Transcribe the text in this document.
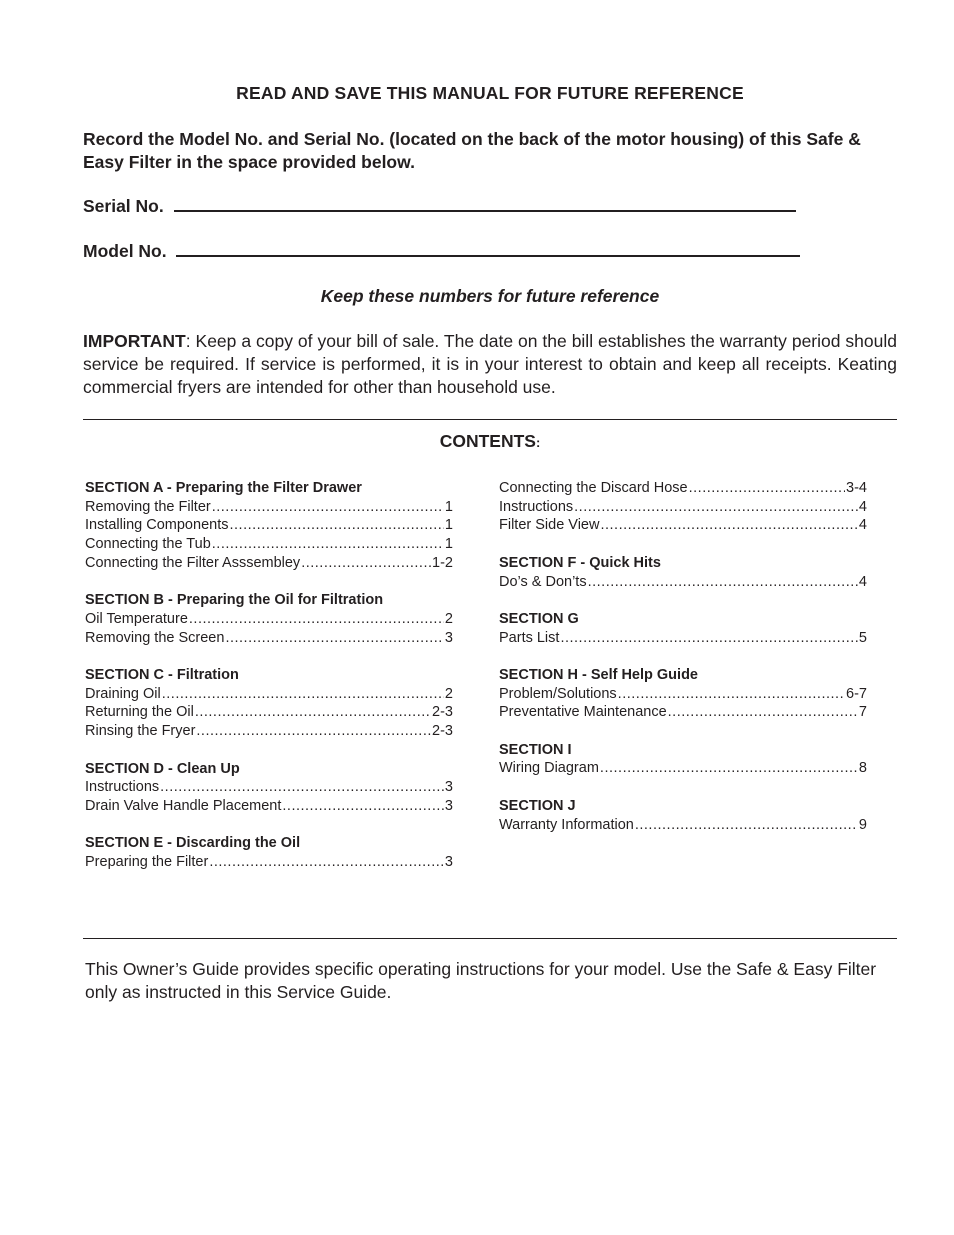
READ AND SAVE THIS MANUAL FOR FUTURE REFERENCE
Record the Model No. and Serial No. (located on the back of the motor housing) of this Safe & Easy Filter in the space provided below.
Serial No.
Model No.
Keep these numbers for future reference
IMPORTANT: Keep a copy of your bill of sale. The date on the bill establishes the warranty period should service be required. If service is performed, it is in your interest to obtain and keep all receipts. Keating commercial fryers are intended for other than household use.
CONTENTS:
SECTION A - Preparing the Filter Drawer
Removing the Filter .....	1
Installing Components .....	1
Connecting the Tub .....	1
Connecting the Filter Asssembley .....	1-2
SECTION B - Preparing the Oil for Filtration
Oil Temperature .....	2
Removing the Screen .....	3
SECTION C - Filtration
Draining Oil .....	2
Returning the Oil .....	2-3
Rinsing the Fryer .....	2-3
SECTION D - Clean Up
Instructions .....	3
Drain Valve Handle Placement .....	3
SECTION E - Discarding the Oil
Preparing the Filter .....	3
Connecting the Discard Hose .....	3-4
Instructions .....	4
Filter Side View .....	4
SECTION F - Quick Hits
Do’s & Don’ts .....	4
SECTION G
Parts List .....	5
SECTION H - Self Help Guide
Problem/Solutions .....	6-7
Preventative Maintenance .....	7
SECTION I
Wiring Diagram .....	8
SECTION J
Warranty Information .....	9
This Owner’s Guide provides specific operating instructions for your model. Use the Safe & Easy Filter only as instructed in this Service Guide.
